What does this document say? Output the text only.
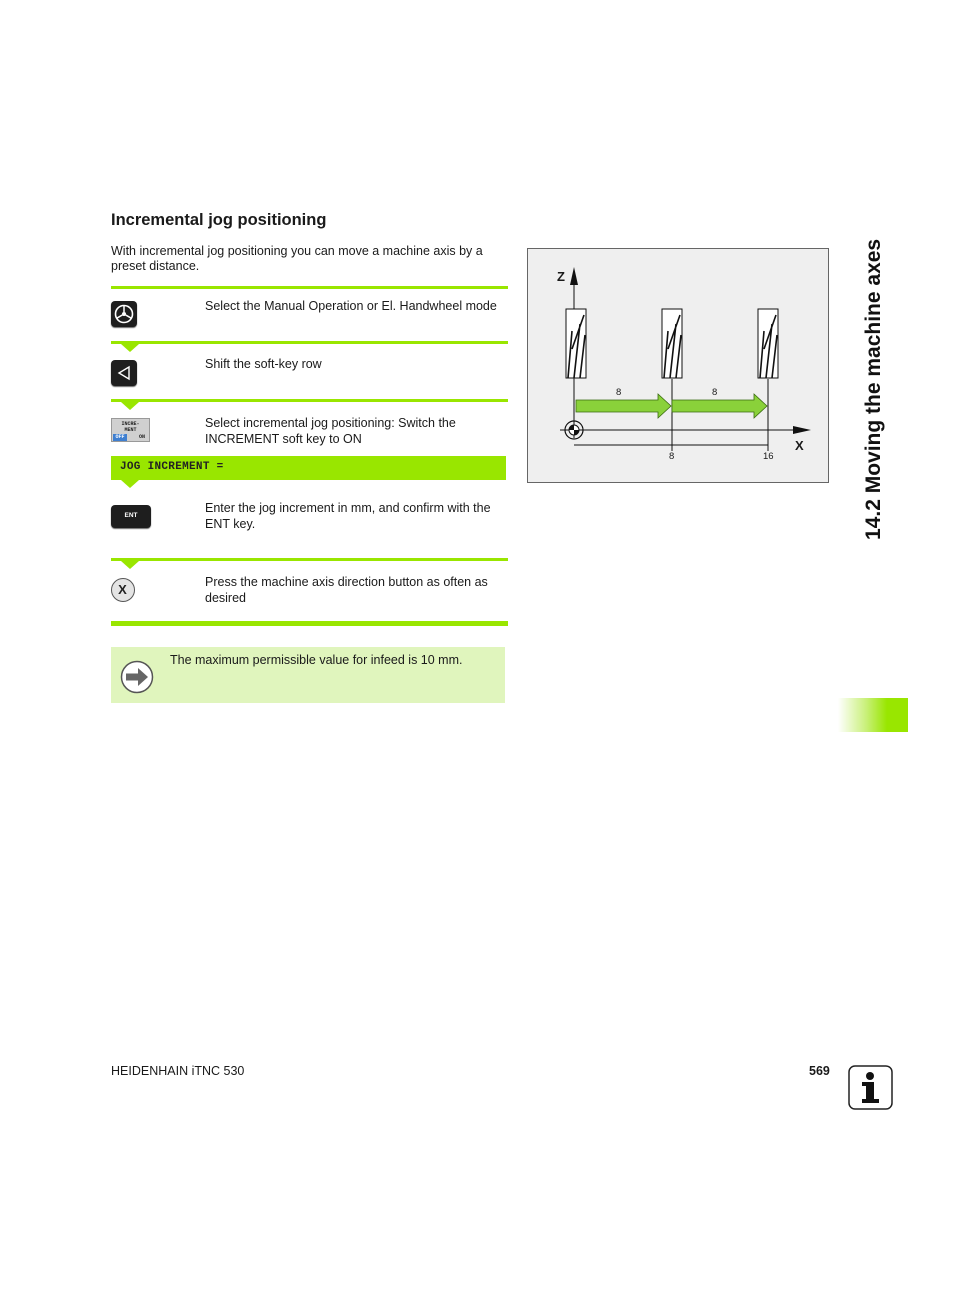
Incremental jog positioning
With incremental jog positioning you can move a machine axis by a preset distance.
Select the Manual Operation or El. Handwheel mode
Shift the soft-key row
INCRE-
MENT
OFF	ON
Select incremental jog positioning: Switch the INCREMENT soft key to ON
JOG INCREMENT =
ENT
Enter the jog increment in mm, and confirm with the ENT key.
X	Press the machine axis direction button as often as desired
The maximum permissible value for infeed is 10 mm.
Z
X
8	8
8	16	14.2 Moving the machine axes
HEIDENHAIN iTNC 530	569
